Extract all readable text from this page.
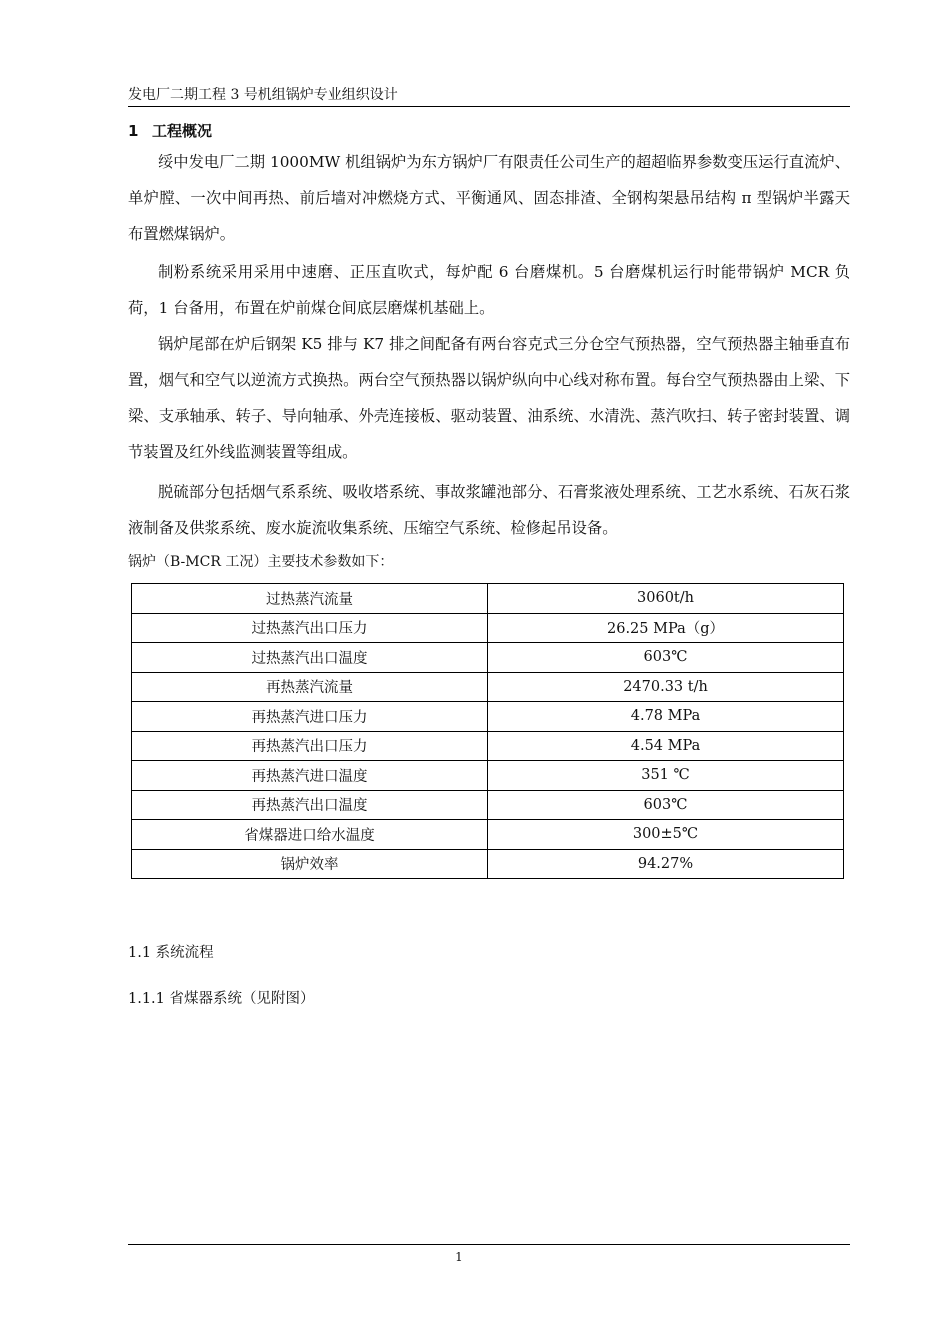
发电厂二期工程 3 号机组锅炉专业组织设计
1 工程概况

绥中发电厂二期 1000MW 机组锅炉为东方锅炉厂有限责任公司生产的超超临界参数变压运行直流炉、单炉膛、一次中间再热、前后墙对冲燃烧方式、平衡通风、固态排渣、全钢构架悬吊结构 π 型锅炉半露天布置燃煤锅炉。

制粉系统采用采用中速磨、正压直吹式，每炉配 6 台磨煤机。5 台磨煤机运行时能带锅炉 MCR 负荷，1 台备用，布置在炉前煤仓间底层磨煤机基础上。

锅炉尾部在炉后钢架 K5 排与 K7 排之间配备有两台容克式三分仓空气预热器，空气预热器主轴垂直布置，烟气和空气以逆流方式换热。两台空气预热器以锅炉纵向中心线对称布置。每台空气预热器由上梁、下梁、支承轴承、转子、导向轴承、外壳连接板、驱动装置、油系统、水清洗、蒸汽吹扫、转子密封装置、调节装置及红外线监测装置等组成。

脱硫部分包括烟气系系统、吸收塔系统、事故浆罐池部分、石膏浆液处理系统、工艺水系统、石灰石浆液制备及供浆系统、废水旋流收集系统、压缩空气系统、检修起吊设备。

锅炉（B-MCR 工况）主要技术参数如下：
过热蒸汽流量	3060t/h
过热蒸汽出口压力	26.25 MPa（g）
过热蒸汽出口温度	603℃
再热蒸汽流量	2470.33 t/h
再热蒸汽进口压力	4.78 MPa
再热蒸汽出口压力	4.54 MPa
再热蒸汽进口温度	351 ℃
再热蒸汽出口温度	603℃
省煤器进口给水温度	300±5℃
锅炉效率	94.27%
1.1 系统流程
1.1.1 省煤器系统（见附图）
1
